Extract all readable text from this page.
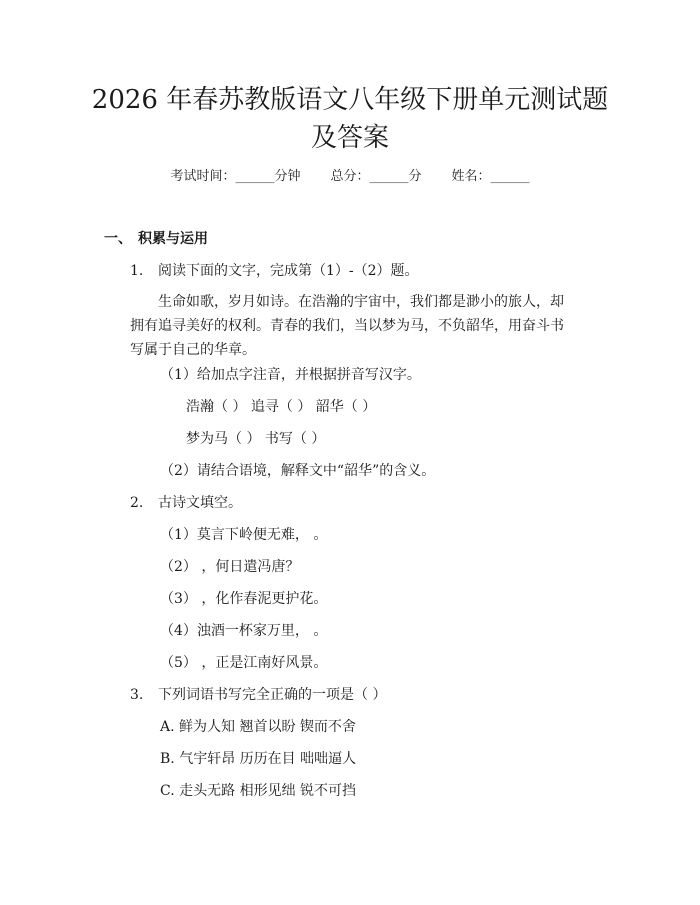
2026 年春苏教版语文八年级下册单元测试题
及答案
考试时间：______分钟 总分：______分 姓名：______
一、 积累与运用
1. 阅读下面的文字，完成第（1）-（2）题。
生命如歌，岁月如诗。在浩瀚的宇宙中，我们都是渺小的旅人，却拥有追寻美好的权利。青春的我们，当以梦为马，不负韶华，用奋斗书写属于自己的华章。
（1）给加点字注音，并根据拼音写汉字。
浩瀚（ ） 追寻（ ） 韶华（ ）
梦为马（ ） 书写（ ）
（2）请结合语境，解释文中“韶华”的含义。
2. 古诗文填空。
（1）莫言下岭便无难， 。
（2） ，何日遣冯唐？
（3） ，化作春泥更护花。
（4）浊酒一杯家万里， 。
（5） ，正是江南好风景。
3. 下列词语书写完全正确的一项是（ ）
A. 鲜为人知 翘首以盼 锲而不舍
B. 气宇轩昂 历历在目 咄咄逼人
C. 走头无路 相形见绌 锐不可挡
